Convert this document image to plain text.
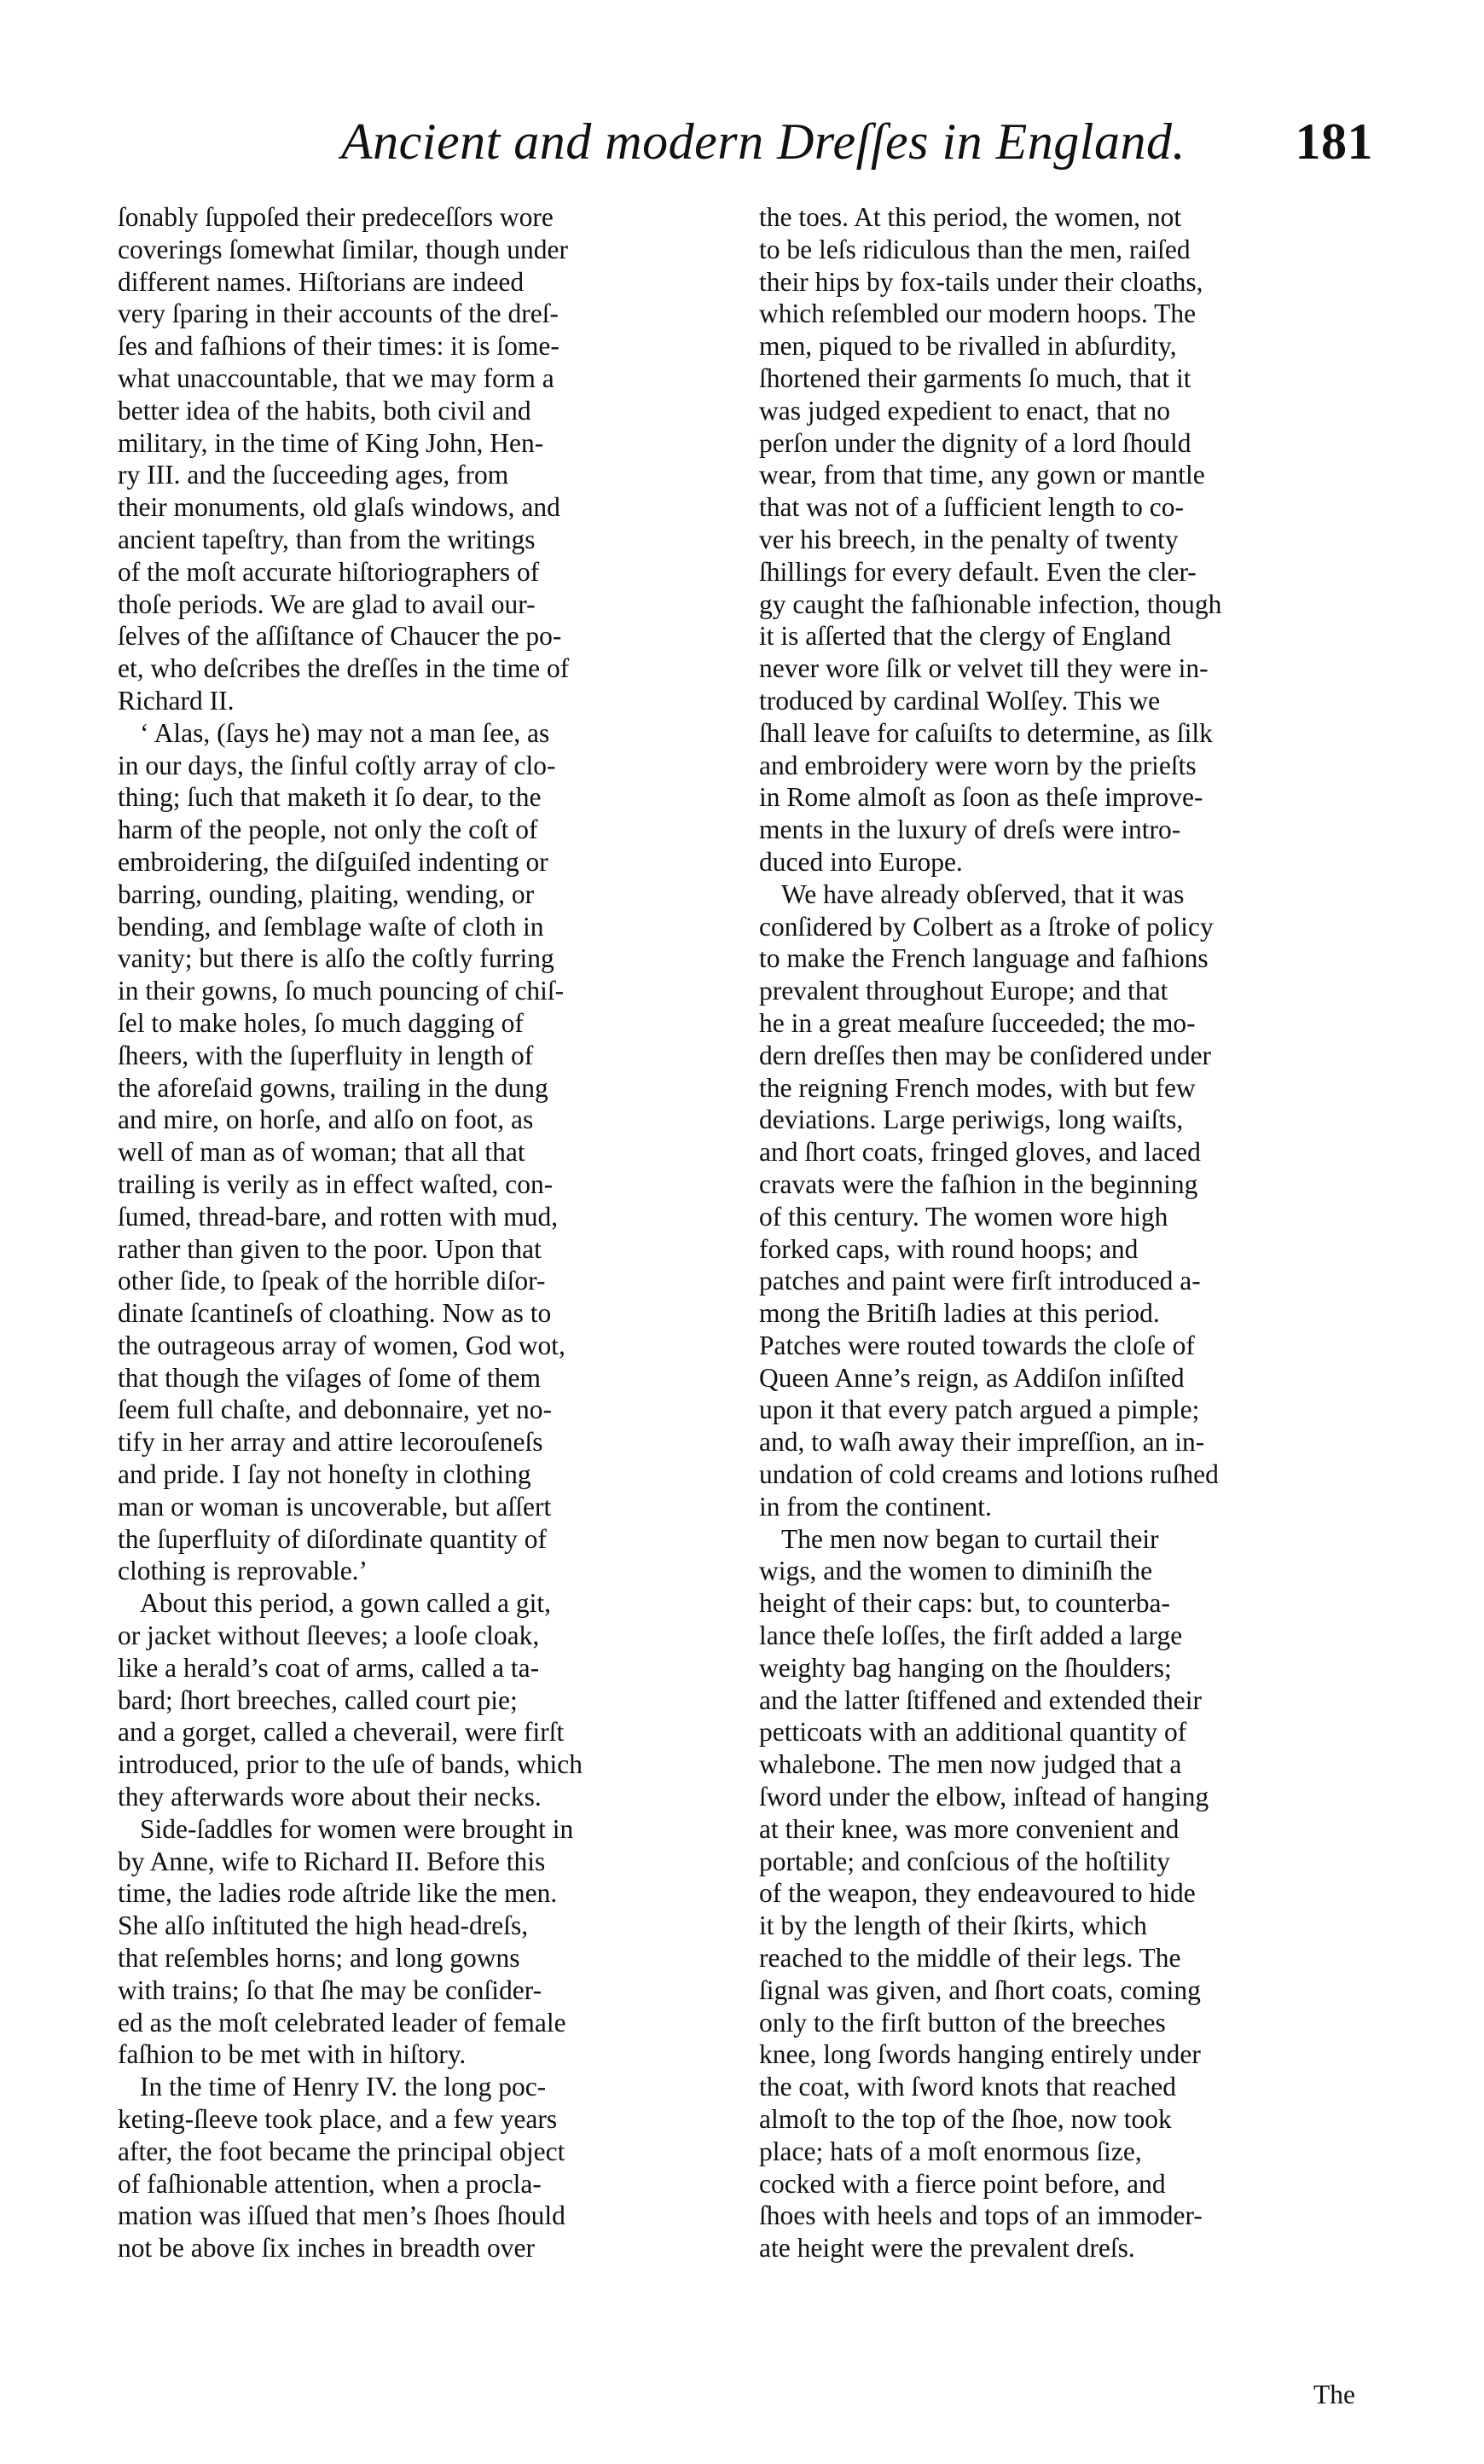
Ancient and modern Dreſſes in England. 181
ſonably ſuppoſed their predeceſſors wore
coverings ſomewhat ſimilar, though under
different names. Hiſtorians are indeed
very ſparing in their accounts of the dreſ-
ſes and faſhions of their times: it is ſome-
what unaccountable, that we may form a
better idea of the habits, both civil and
military, in the time of King John, Hen-
ry III. and the ſucceeding ages, from
their monuments, old glaſs windows, and
ancient tapeſtry, than from the writings
of the moſt accurate hiſtoriographers of
thoſe periods. We are glad to avail our-
ſelves of the aſſiſtance of Chaucer the po-
et, who deſcribes the dreſſes in the time of
Richard II.
‘ Alas, (ſays he) may not a man ſee, as
in our days, the ſinful coſtly array of clo-
thing; ſuch that maketh it ſo dear, to the
harm of the people, not only the coſt of
embroidering, the diſguiſed indenting or
barring, ounding, plaiting, wending, or
bending, and ſemblage waſte of cloth in
vanity; but there is alſo the coſtly furring
in their gowns, ſo much pouncing of chiſ-
ſel to make holes, ſo much dagging of
ſheers, with the ſuperfluity in length of
the aforeſaid gowns, trailing in the dung
and mire, on horſe, and alſo on foot, as
well of man as of woman; that all that
trailing is verily as in effect waſted, con-
ſumed, thread-bare, and rotten with mud,
rather than given to the poor. Upon that
other ſide, to ſpeak of the horrible diſor-
dinate ſcantineſs of cloathing. Now as to
the outrageous array of women, God wot,
that though the viſages of ſome of them
ſeem full chaſte, and debonnaire, yet no-
tify in her array and attire lecorouſeneſs
and pride. I ſay not honeſty in clothing
man or woman is uncoverable, but aſſert
the ſuperfluity of diſordinate quantity of
clothing is reprovable.’
About this period, a gown called a git,
or jacket without ſleeves; a looſe cloak,
like a herald’s coat of arms, called a ta-
bard; ſhort breeches, called court pie;
and a gorget, called a cheverail, were firſt
introduced, prior to the uſe of bands, which
they afterwards wore about their necks.
Side-ſaddles for women were brought in
by Anne, wife to Richard II. Before this
time, the ladies rode aſtride like the men.
She alſo inſtituted the high head-dreſs,
that reſembles horns; and long gowns
with trains; ſo that ſhe may be conſider-
ed as the moſt celebrated leader of female
faſhion to be met with in hiſtory.
In the time of Henry IV. the long poc-
keting-ſleeve took place, and a few years
after, the foot became the principal object
of faſhionable attention, when a procla-
mation was iſſued that men’s ſhoes ſhould
not be above ſix inches in breadth over
the toes. At this period, the women, not
to be leſs ridiculous than the men, raiſed
their hips by fox-tails under their cloaths,
which reſembled our modern hoops. The
men, piqued to be rivalled in abſurdity,
ſhortened their garments ſo much, that it
was judged expedient to enact, that no
perſon under the dignity of a lord ſhould
wear, from that time, any gown or mantle
that was not of a ſufficient length to co-
ver his breech, in the penalty of twenty
ſhillings for every default. Even the cler-
gy caught the faſhionable infection, though
it is aſſerted that the clergy of England
never wore ſilk or velvet till they were in-
troduced by cardinal Wolſey. This we
ſhall leave for caſuiſts to determine, as ſilk
and embroidery were worn by the prieſts
in Rome almoſt as ſoon as theſe improve-
ments in the luxury of dreſs were intro-
duced into Europe.
We have already obſerved, that it was
conſidered by Colbert as a ſtroke of policy
to make the French language and faſhions
prevalent throughout Europe; and that
he in a great meaſure ſucceeded; the mo-
dern dreſſes then may be conſidered under
the reigning French modes, with but few
deviations. Large periwigs, long waiſts,
and ſhort coats, fringed gloves, and laced
cravats were the faſhion in the beginning
of this century. The women wore high
forked caps, with round hoops; and
patches and paint were firſt introduced a-
mong the Britiſh ladies at this period.
Patches were routed towards the cloſe of
Queen Anne’s reign, as Addiſon inſiſted
upon it that every patch argued a pimple;
and, to waſh away their impreſſion, an in-
undation of cold creams and lotions ruſhed
in from the continent.
The men now began to curtail their
wigs, and the women to diminiſh the
height of their caps: but, to counterba-
lance theſe loſſes, the firſt added a large
weighty bag hanging on the ſhoulders;
and the latter ſtiffened and extended their
petticoats with an additional quantity of
whalebone. The men now judged that a
ſword under the elbow, inſtead of hanging
at their knee, was more convenient and
portable; and conſcious of the hoſtility
of the weapon, they endeavoured to hide
it by the length of their ſkirts, which
reached to the middle of their legs. The
ſignal was given, and ſhort coats, coming
only to the firſt button of the breeches
knee, long ſwords hanging entirely under
the coat, with ſword knots that reached
almoſt to the top of the ſhoe, now took
place; hats of a moſt enormous ſize,
cocked with a fierce point before, and
ſhoes with heels and tops of an immoder-
ate height were the prevalent dreſs.
The
